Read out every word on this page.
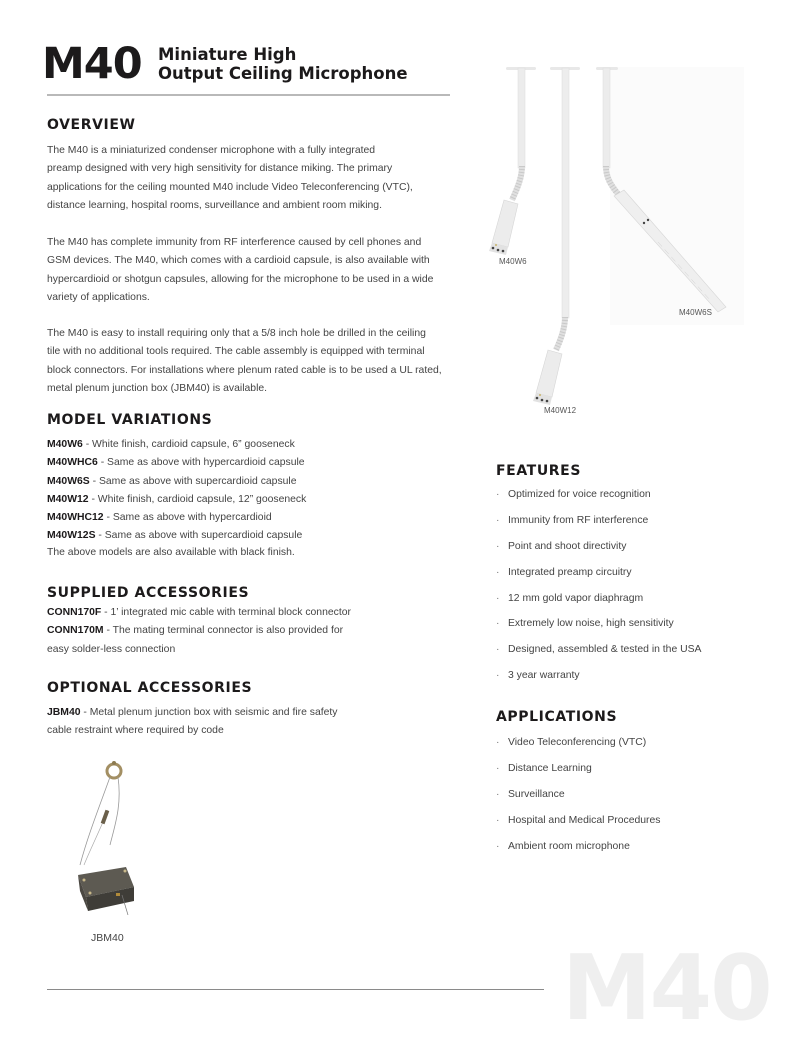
M40 Miniature High
Output Ceiling Microphone
OVERVIEW
The M40 is a miniaturized condenser microphone with a fully integrated
preamp designed with very high sensitivity for distance miking. The primary
applications for the ceiling mounted M40 include Video Teleconferencing (VTC),
distance learning, hospital rooms, surveillance and ambient room miking.
The M40 has complete immunity from RF interference caused by cell phones and
GSM devices. The M40, which comes with a cardioid capsule, is also available with
hypercardioid or shotgun capsules, allowing for the microphone to be used in a wide
variety of applications.
The M40 is easy to install requiring only that a 5/8 inch hole be drilled in the ceiling
tile with no additional tools required. The cable assembly is equipped with terminal
block connectors. For installations where plenum rated cable is to be used a UL rated,
metal plenum junction box (JBM40) is available.
MODEL VARIATIONS
M40W6 - White finish, cardioid capsule, 6” gooseneck
M40WHC6 - Same as above with hypercardioid capsule
M40W6S - Same as above with supercardioid capsule
M40W12 - White finish, cardioid capsule, 12” gooseneck
M40WHC12 - Same as above with hypercardioid
M40W12S - Same as above with supercardioid capsule
The above models are also available with black finish.
SUPPLIED ACCESSORIES
CONN170F - 1’ integrated mic cable with terminal block connector
CONN170M - The mating terminal connector is also provided for
easy solder-less connection
OPTIONAL ACCESSORIES
JBM40 - Metal plenum junction box with seismic and fire safety
cable restraint where required by code
JBM40
M40W6
M40W12
M40W6S
FEATURES
· Optimized for voice recognition
· Immunity from RF interference
· Point and shoot directivity
· Integrated preamp circuitry
· 12 mm gold vapor diaphragm
· Extremely low noise, high sensitivity
· Designed, assembled & tested in the USA
· 3 year warranty
APPLICATIONS
· Video Teleconferencing (VTC)
· Distance Learning
· Surveillance
· Hospital and Medical Procedures
· Ambient room microphone
M40
